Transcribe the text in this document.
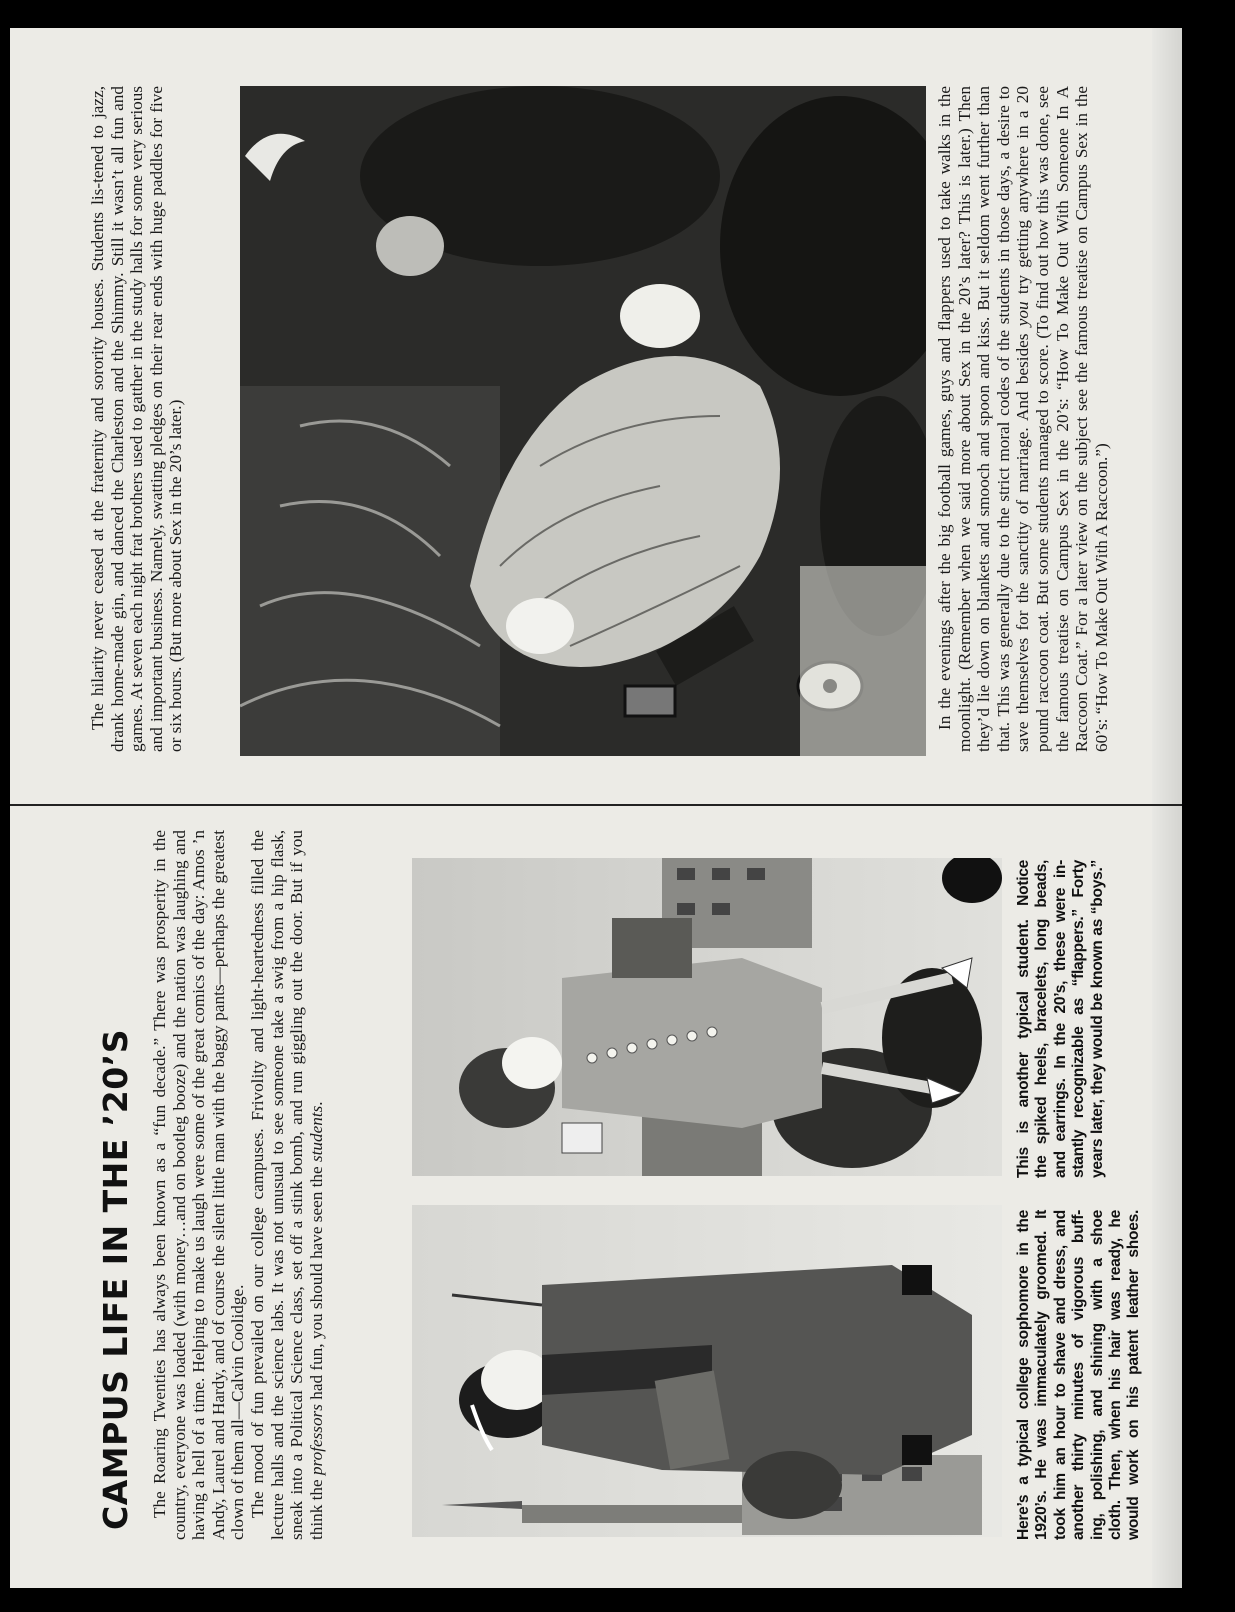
CAMPUS LIFE IN THE ’20’S The Roaring Twenties has always been known as a “fun decade.” There was prosperity in the country, everyone was loaded (with money…and on bootleg booze) and the nation was laughing and having a hell of a time. Helping to make us laugh were some of the great comics of the day: Amos ’n Andy, Laurel and Hardy, and of course the silent little man with the baggy pants—perhaps the greatest clown of them all—Calvin Coolidge. The mood of fun prevailed on our college campuses. Frivolity and light-heartedness filled the lecture halls and the science labs. It was not unusual to see someone take a swig from a hip flask, sneak into a Political Science class, set off a stink bomb, and run giggling out the door. But if you think the professors had fun, you should have seen the students.

Here’s a typical college sophomore in the 1920’s. He was immaculately groomed. It took him an hour to shave and dress, and another thirty minutes of vigorous buff- ing, polishing, and shining with a shoe cloth. Then, when his hair was ready, he would work on his patent leather shoes.
This is another typical student. Notice the spiked heels, bracelets, long beads, and earrings. In the 20’s, these were in- stantly recognizable as “flappers.” Forty years later, they would be known as “boys.”

The hilarity never ceased at the fraternity and sorority houses. Students lis-tened to jazz, drank home-made gin, and danced the Charleston and the Shimmy. Still it wasn’t all fun and games. At seven each night frat brothers used to gatther in the study halls for some very serious and important business. Namely, swatting pledges on their rear ends with huge paddles for five or six hours. (But more about Sex in the 20’s later.)	In the evenings after the big football games, guys and flappers used to take walks in the moonlight. (Remember when we said more about Sex in the 20’s later? This is later.) Then they’d lie down on blankets and smooch and spoon and kiss. But it seldom went further than that. This was generally due to the strict moral codes of the students in those days, a desire to save themselves for the sanctity of marriage. And besides you try getting anywhere in a 20 pound raccoon coat. But some students managed to score. (To find out how this was done, see the famous treatise on Campus Sex in the 20’s: “How To Make Out With Someone In A Raccoon Coat.” For a later view on the subject see the famous treatise on Campus Sex in the 60’s: “How To Make Out With A Raccoon.”)
